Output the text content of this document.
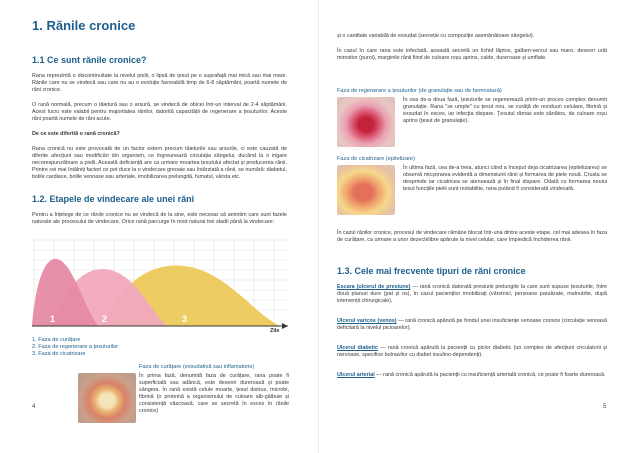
1. Rănile cronice
1.1 Ce sunt rănile cronice?
Rana reprezintă o discontinuitate la nivelul pielii, o lipsă de țesut pe o suprafață mai mică sau mai mare. Rănile care nu se vindecă sau care nu au o evoluție favorabilă timp de 6-8 săptămâni, poartă numele de răni cronice.
O rană normală, precum o tăietură sau o arsură, se vindecă de obicei într-un interval de 2-4 săptămâni. Acest lucru este valabil pentru majoritatea rănilor, datorită capacității de regenerare a țesuturilor. Aceste răni poartă numele de răni acute.
De ce este diferită o rană cronică?
Rana cronică nu este provocată de un factor extern precum tăieturile sau arsurile, ci este cauzată de diferite afecțiuni sau modificări din organism, ce îngreunează circulația sângelui, ducând la o irigare necorespunzătoare a pielii. Această deficiență are ca urmare moartea țesutului afectat și producerea rănii. Printre cei mai întâlniți factori ce pot duce la o vindecare greoaie sau întârziată a rănii, se numără: diabetul, bolile cardiace, bolile venoase sau arteriale, imobilizarea prelungită, fumatul, vârsta etc.
1.2. Etapele de vindecare ale unei răni
Pentru a înțelege de ce rănile cronice nu se vindecă de la sine, este necesar să amintim care sunt fazele naturale ale procesului de vindecare. Orice rană parcurge în mod natural trei stadii până la vindecare:
1	2	3
Zile
1. Faza de curățare
2. Faza de regenerare a țesuturilor
3. Faza de cicatrizare
Faza de curățare (exsudativă sau inflamatorie)
În prima fază, denumită faza de curățare, rana poate fi superficială sau adâncă, este deseori dureroasă și poate sângera. În rană există celule moarte, țesut distrus, microbi, fibrină (o proteină a organismului de culoare alb-gălbuie și consistență vâscoasă, care se secretă în exces în rănile cronice)
4
și o cantitate variabilă de exsudat (secreție cu compoziție asemănătoare sângelui).
În cazul în care rana este infectată, această secretă un lichid lăptos, galben-verzui sau maro, deseori urât mirositor (puroi), marginile rănii fiind de culoare roșu aprins, calde, dureroase și umflate.
Faza de regenerare a țesuturilor (de granulație sau de hemostază)
În cea de-a doua fază, țesuturile se regenerează printr-un proces complex denumit granulație. Rana "se umple" cu țesut nou, se curăță de reziduuri celulare, fibrină și exsudat în exces, iar infecția dispare. Țesutul rămas este sănătos, de culoare roșu aprins (țesut de granulație).
Faza de cicatrizare (epitelizare)
În ultima fază, cea de-a treia, atunci când a început deja cicatrizarea (epitelizarea) se observă micșorarea evidentă a dimensiunii rănii și formarea de piele nouă. Crusta se desprinde iar cicatricea se atenuează și în final dispare. Odată cu formarea noului țesut funcțiile pielii sunt restabilite, rana putând fi considerată vindecată.
În cazul rănilor cronice, procesul de vindecare rămâne blocat într-una dintre aceste etape, cel mai adesea în faza de curățare, ca urmare a unor dezechilibre apărute la nivel celular, care împiedică închiderea rănii.
1.3. Cele mai frecvente tipuri de răni cronice
Escara (ulcerul de presiune) — rană cronică datorată presiunii prelungite la care sunt supuse țesuturile, între două planuri dure (pat și os), în cazul pacienților imobilizați (vârstnici, persoane paralizate, malnutrite, după intervenții chirurgicale).
Ulcerul varicos (venos) — rană cronică apărută pe fondul unei insuficiențe venoase cronice (circulație venoasă deficitară la nivelul picioarelor).
Ulcerul diabetic — rană cronică apărută la pacienții cu picior diabetic (un complex de afecțiuni circulatorii și nervoase, specifice bolnavilor cu diabet insulino-dependenți).
Ulcerul arterial — rană cronică apărută la pacienții cu insuficiență arterială cronică, ce poate fi foarte dureroasă.
5
